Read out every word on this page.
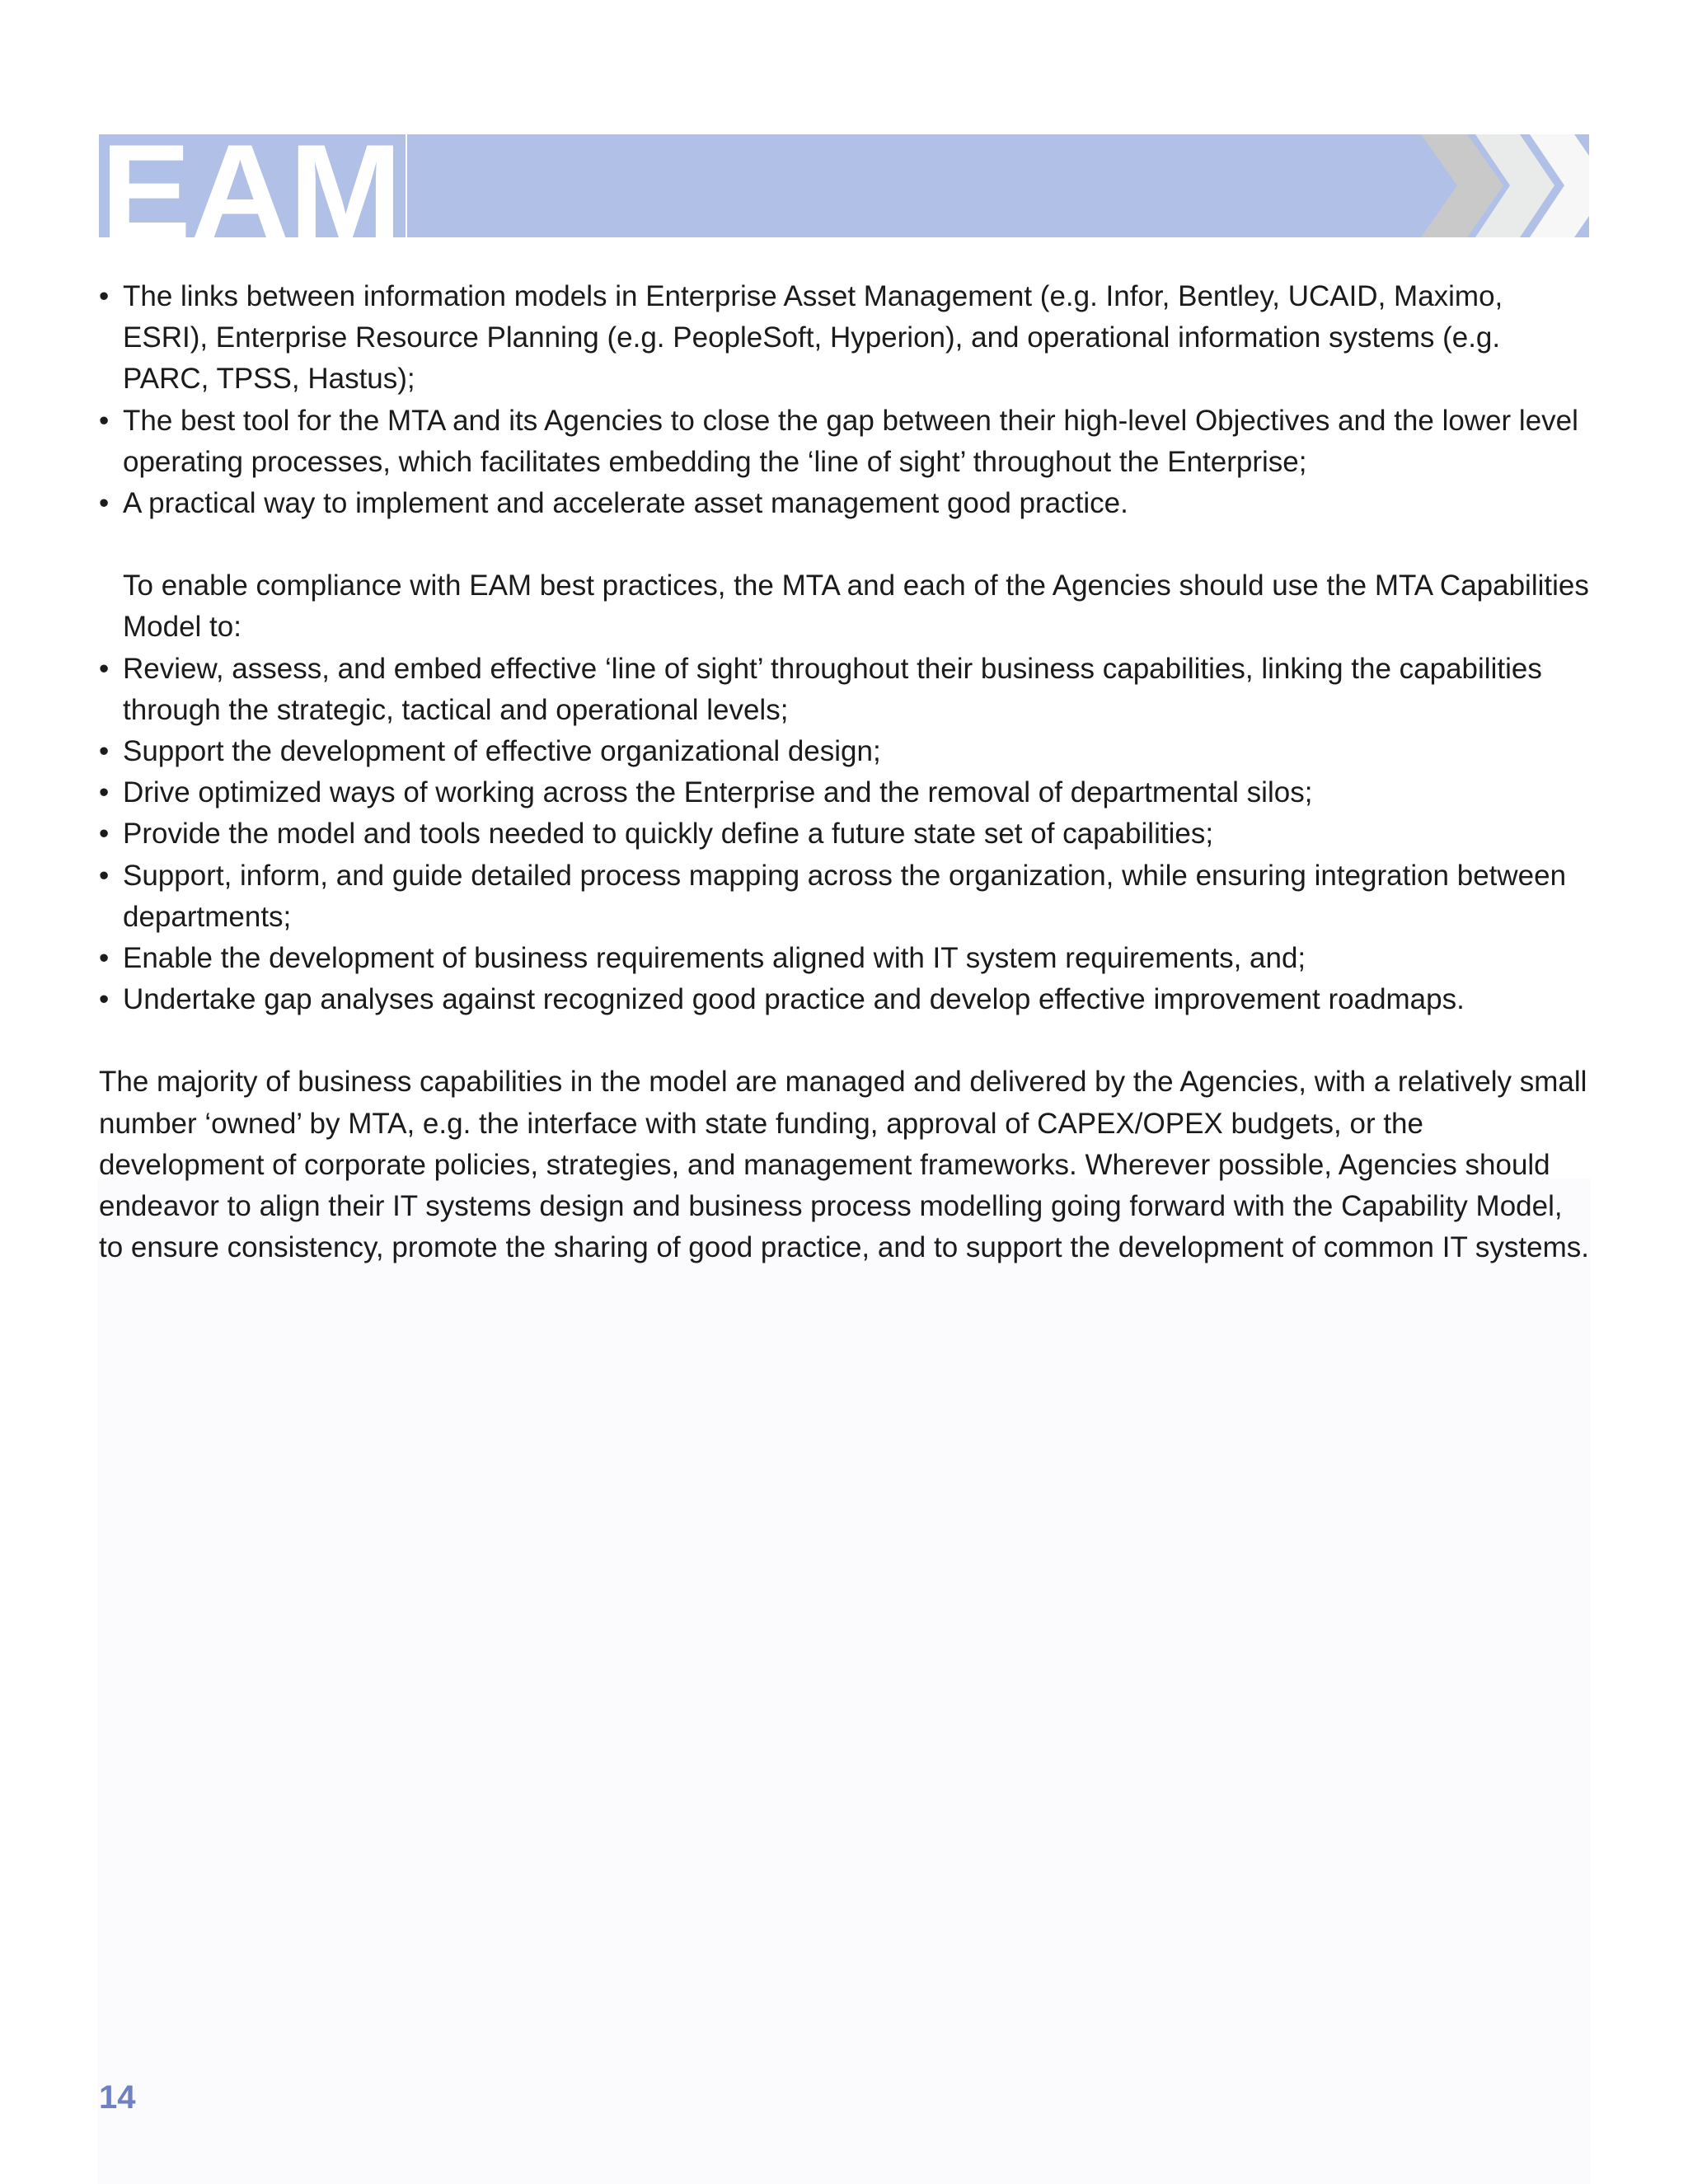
EAM
• The links between information models in Enterprise Asset Management (e.g. Infor, Bentley, UCAID, Maximo, ESRI), Enterprise Resource Planning (e.g. PeopleSoft, Hyperion), and operational information systems (e.g. PARC, TPSS, Hastus);
• The best tool for the MTA and its Agencies to close the gap between their high-level Objectives and the lower level operating processes, which facilitates embedding the ‘line of sight’ throughout the Enterprise;
• A practical way to implement and accelerate asset management good practice.

To enable compliance with EAM best practices, the MTA and each of the Agencies should use the MTA Capabilities Model to:

• Review, assess, and embed effective ‘line of sight’ throughout their business capabilities, linking the capabilities through the strategic, tactical and operational levels;
• Support the development of effective organizational design;
• Drive optimized ways of working across the Enterprise and the removal of departmental silos;
• Provide the model and tools needed to quickly define a future state set of capabilities;
• Support, inform, and guide detailed process mapping across the organization, while ensuring integration between departments;
• Enable the development of business requirements aligned with IT system requirements, and;
• Undertake gap analyses against recognized good practice and develop effective improvement roadmaps.

The majority of business capabilities in the model are managed and delivered by the Agencies, with a relatively small number ‘owned’ by MTA, e.g. the interface with state funding, approval of CAPEX/OPEX budgets, or the development of corporate policies, strategies, and management frameworks. Wherever possible, Agencies should endeavor to align their IT systems design and business process modelling going forward with the Capability Model, to ensure consistency, promote the sharing of good practice, and to support the development of common IT systems.

14
